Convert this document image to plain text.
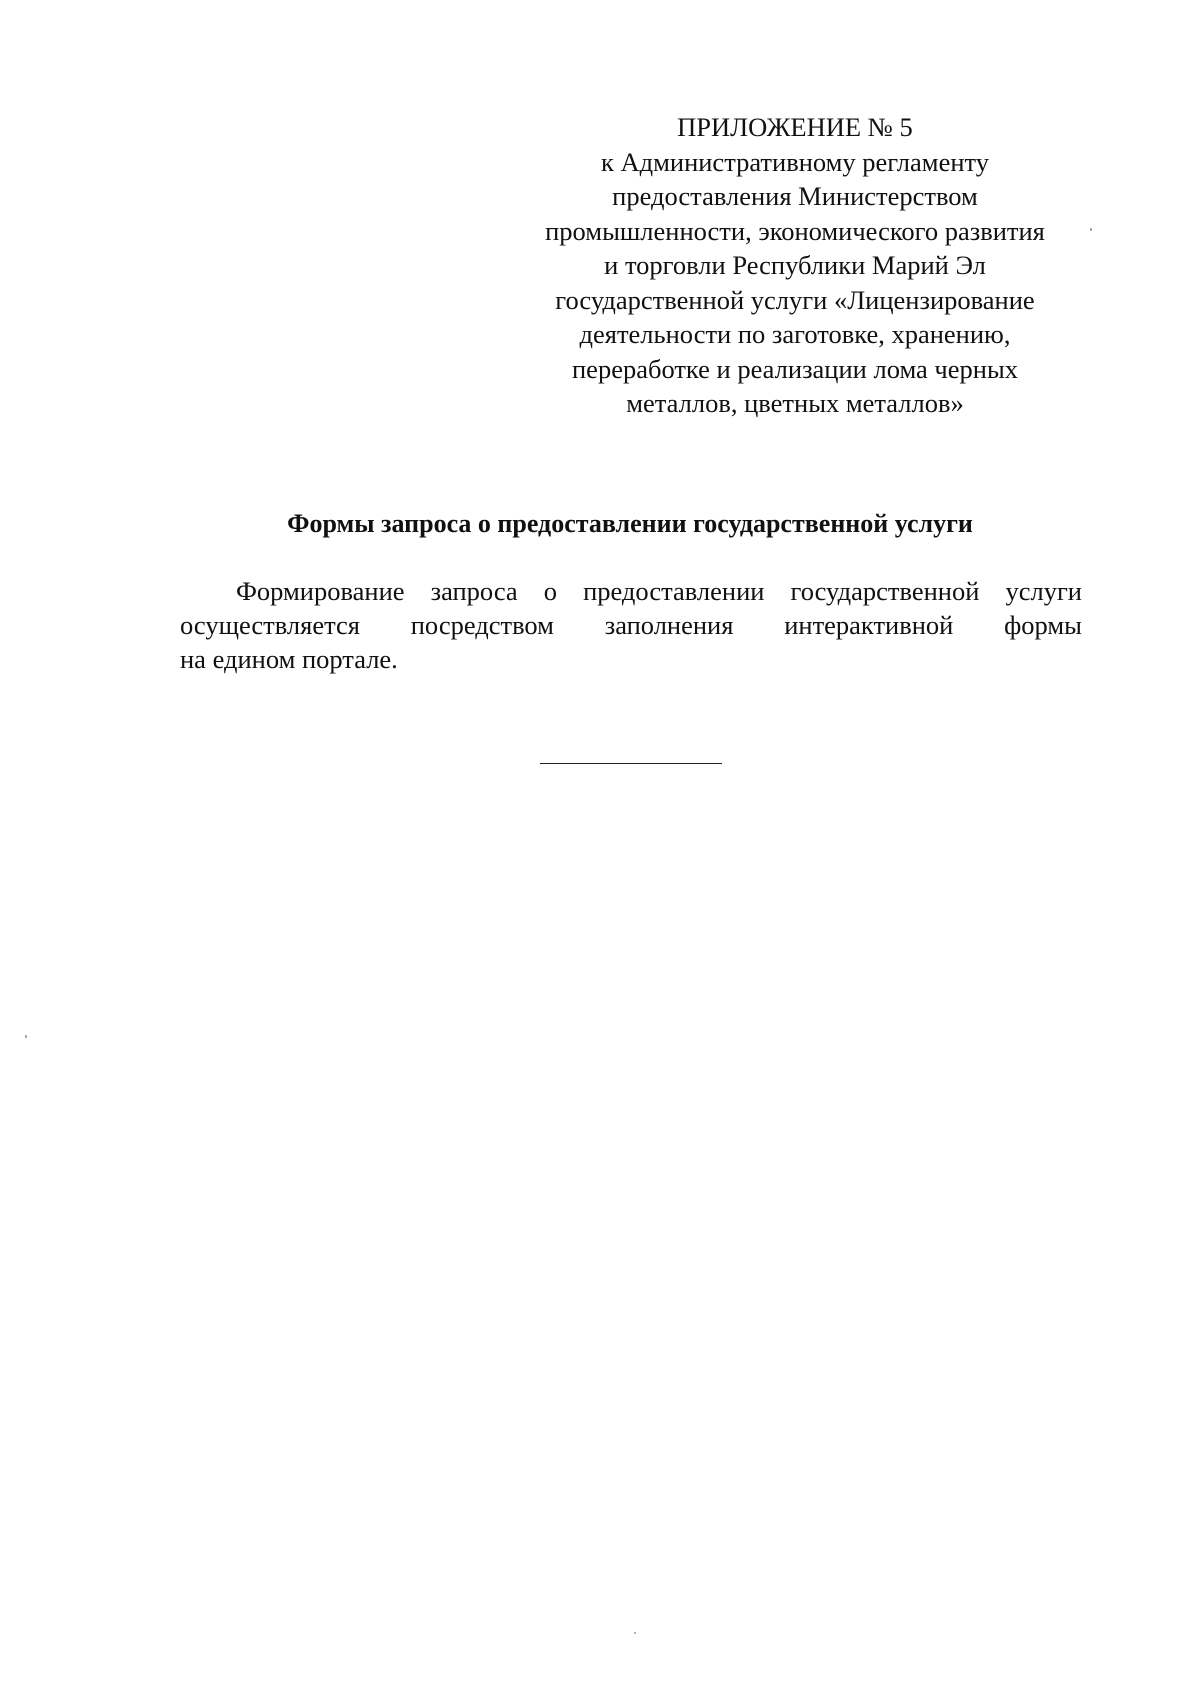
ПРИЛОЖЕНИЕ № 5
к Административному регламенту
предоставления Министерством
промышленности, экономического развития
и торговли Республики Марий Эл
государственной услуги «Лицензирование
деятельности по заготовке, хранению,
переработке и реализации лома черных
металлов, цветных металлов»
Формы запроса о предоставлении государственной услуги
Формирование запроса о предоставлении государственной услуги
осуществляется посредством заполнения интерактивной формы
на едином портале.
